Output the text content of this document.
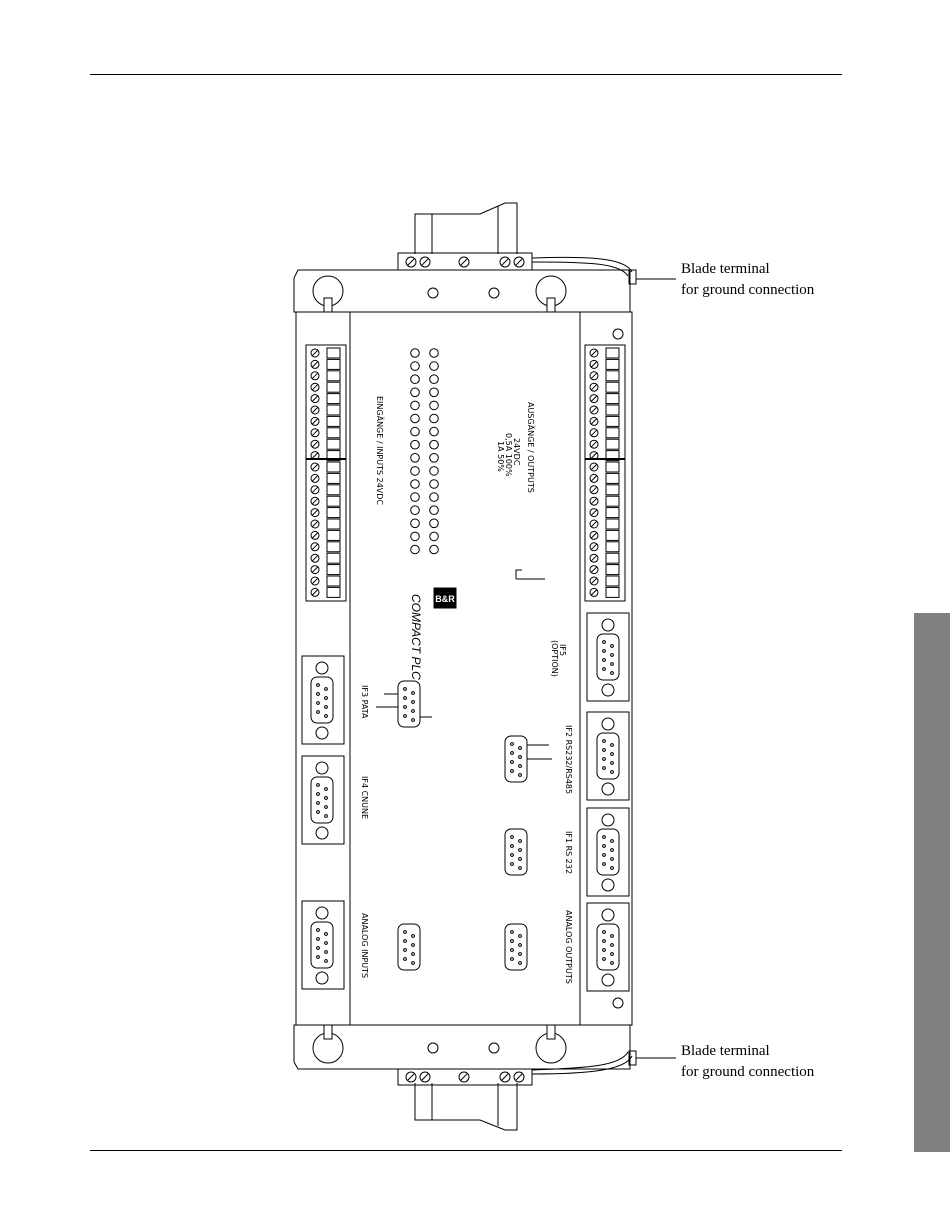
Blade terminal
for ground connection
Blade terminal
for ground connection
EINGÄNGE / INPUTS 24VDC	AUSGÄNGE / OUTPUTS
24VDC
0,5A 100%
1A 50%
B&R
COMPACT PLC	IF5
(OPTION)
IF3 PATA
IF4 CNUNE
IF2 RS232/RS485
IF1 RS 232
ANALOG INPUTS	ANALOG OUTPUTS
